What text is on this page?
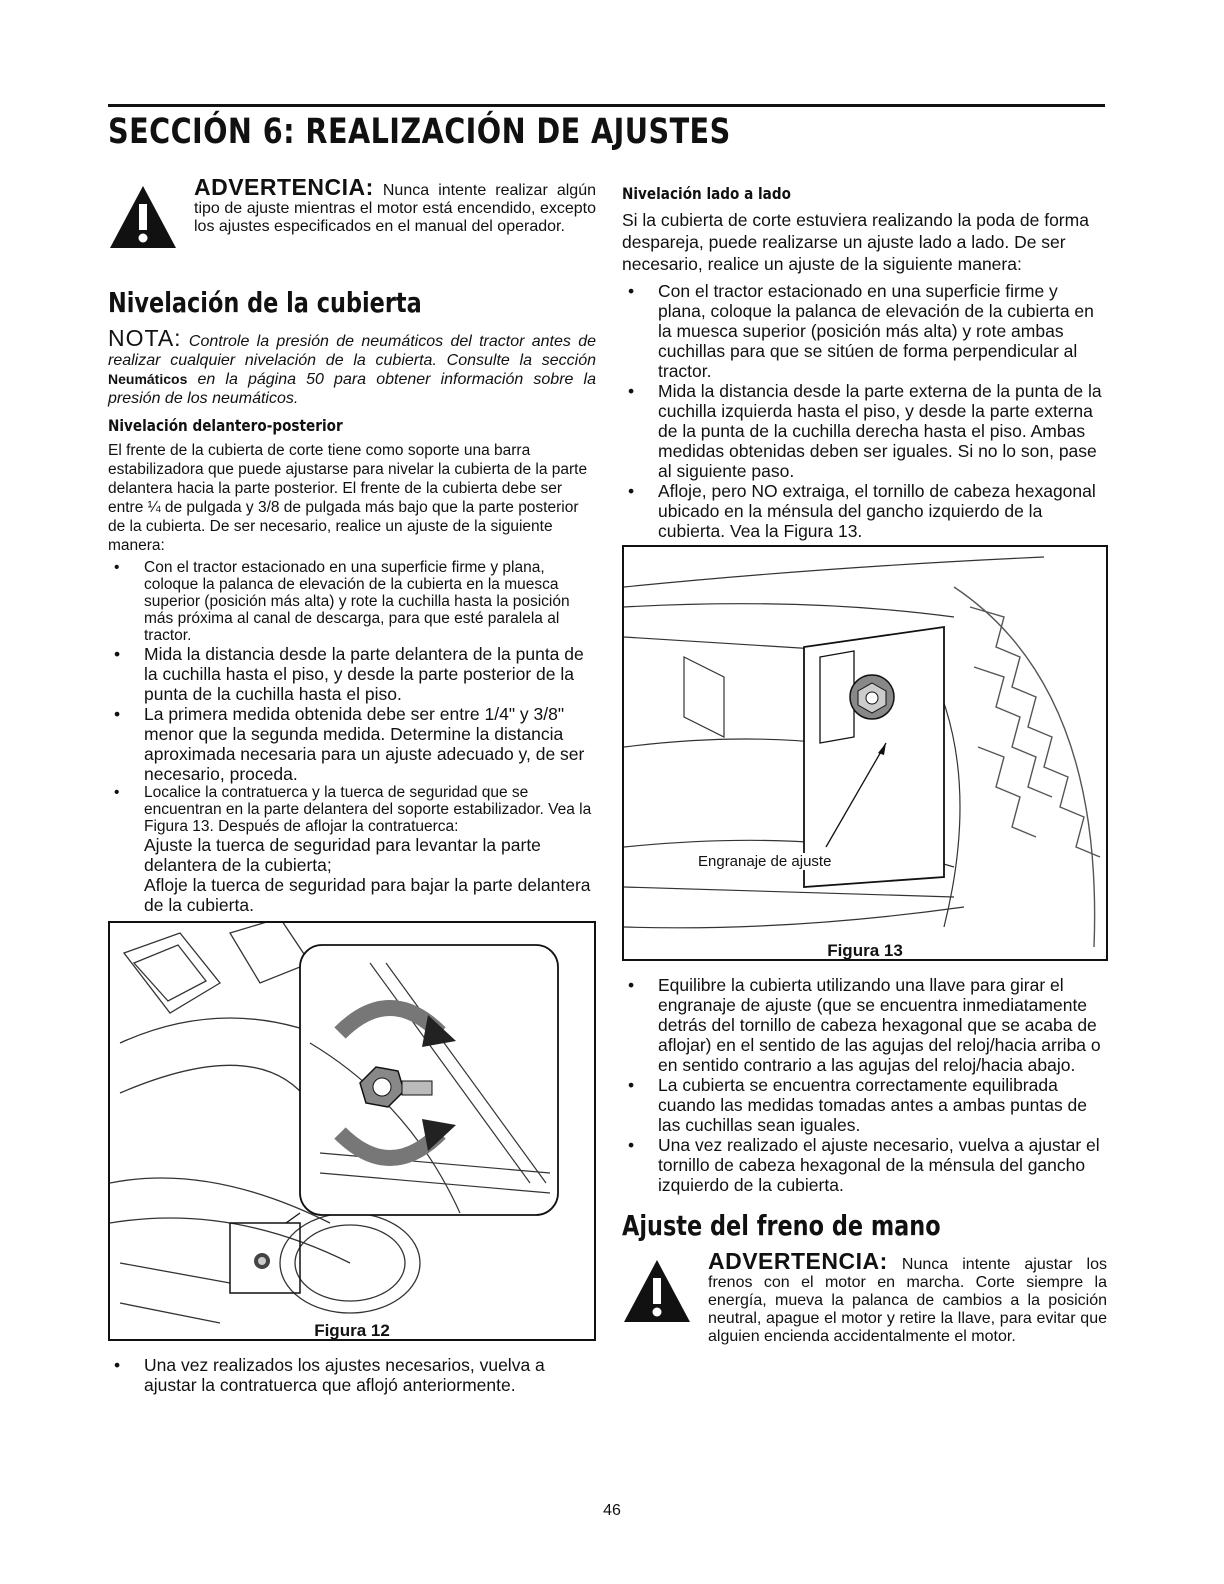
SECCIÓN 6: REALIZACIÓN DE AJUSTES

ADVERTENCIA: Nunca intente realizar algún tipo de ajuste mientras el motor está encendido, excepto los ajustes especificados en el manual del operador.

Nivelación de la cubierta

NOTA: Controle la presión de neumáticos del tractor antes de realizar cualquier nivelación de la cubierta. Consulte la sección Neumáticos en la página 50 para obtener información sobre la presión de los neumáticos.

Nivelación delantero-posterior

El frente de la cubierta de corte tiene como soporte una barra estabilizadora que puede ajustarse para nivelar la cubierta de la parte delantera hacia la parte posterior. El frente de la cubierta debe ser entre ¼ de pulgada y 3/8 de pulgada más bajo que la parte posterior de la cubierta. De ser necesario, realice un ajuste de la siguiente manera:

• Con el tractor estacionado en una superficie firme y plana, coloque la palanca de elevación de la cubierta en la muesca superior (posición más alta) y rote la cuchilla hasta la posición más próxima al canal de descarga, para que esté paralela al tractor.
• Mida la distancia desde la parte delantera de la punta de la cuchilla hasta el piso, y desde la parte posterior de la punta de la cuchilla hasta el piso.
• La primera medida obtenida debe ser entre 1/4" y 3/8" menor que la segunda medida. Determine la distancia aproximada necesaria para un ajuste adecuado y, de ser necesario, proceda.
• Localice la contratuerca y la tuerca de seguridad que se encuentran en la parte delantera del soporte estabilizador. Vea la Figura 13. Después de aflojar la contratuerca:
Ajuste la tuerca de seguridad para levantar la parte delantera de la cubierta;
Afloje la tuerca de seguridad para bajar la parte delantera de la cubierta.
Figura 12
• Una vez realizados los ajustes necesarios, vuelva a ajustar la contratuerca que aflojó anteriormente.
Nivelación lado a lado

Si la cubierta de corte estuviera realizando la poda de forma despareja, puede realizarse un ajuste lado a lado. De ser necesario, realice un ajuste de la siguiente manera:

• Con el tractor estacionado en una superficie firme y plana, coloque la palanca de elevación de la cubierta en la muesca superior (posición más alta) y rote ambas cuchillas para que se sitúen de forma perpendicular al tractor.
• Mida la distancia desde la parte externa de la punta de la cuchilla izquierda hasta el piso, y desde la parte externa de la punta de la cuchilla derecha hasta el piso. Ambas medidas obtenidas deben ser iguales. Si no lo son, pase al siguiente paso.
• Afloje, pero NO extraiga, el tornillo de cabeza hexagonal ubicado en la ménsula del gancho izquierdo de la cubierta. Vea la Figura 13.
Engranaje de ajuste
Figura 13
• Equilibre la cubierta utilizando una llave para girar el engranaje de ajuste (que se encuentra inmediatamente detrás del tornillo de cabeza hexagonal que se acaba de aflojar) en el sentido de las agujas del reloj/hacia arriba o en sentido contrario a las agujas del reloj/hacia abajo.
• La cubierta se encuentra correctamente equilibrada cuando las medidas tomadas antes a ambas puntas de las cuchillas sean iguales.
• Una vez realizado el ajuste necesario, vuelva a ajustar el tornillo de cabeza hexagonal de la ménsula del gancho izquierdo de la cubierta.
Ajuste del freno de mano

ADVERTENCIA: Nunca intente ajustar los frenos con el motor en marcha. Corte siempre la energía, mueva la palanca de cambios a la posición neutral, apague el motor y retire la llave, para evitar que alguien encienda accidentalmente el motor.

46
